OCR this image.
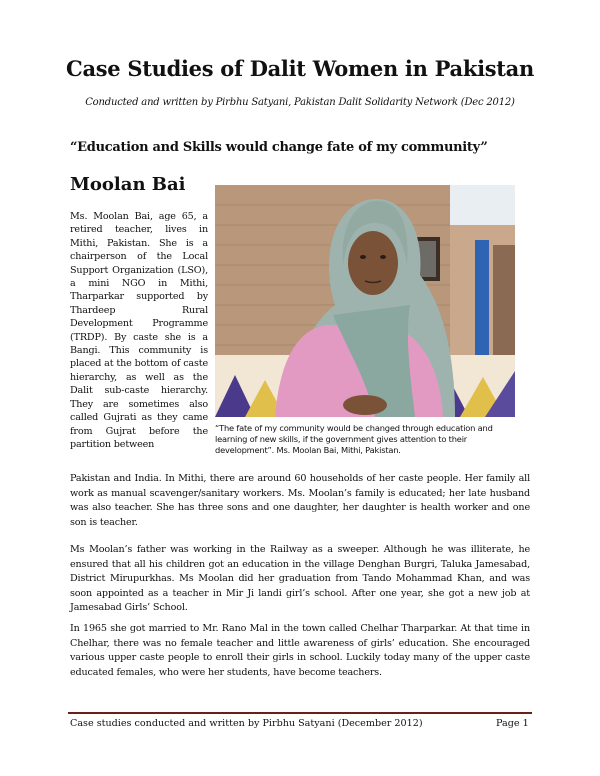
Case Studies of Dalit Women in Pakistan
Conducted and written by Pirbhu Satyani, Pakistan Dalit Solidarity Network (Dec 2012)
“Education and Skills would change fate of my community”
Moolan Bai

Ms. Moolan Bai, age 65, a retired teacher, lives in Mithi, Pakistan. She is a chairperson of the Local Support Organization (LSO), a mini NGO in Mithi, Tharparkar supported by Thardeep Rural Development Programme (TRDP). By caste she is a Bangi. This community is placed at the bottom of caste hierarchy, as well as the Dalit sub-caste hierarchy. They are sometimes also called Gujrati as they came from Gujrat before the partition between

“The fate of my community would be changed through education and learning of new skills, if the government gives attention to their development”. Ms. Moolan Bai, Mithi, Pakistan.

Pakistan and India. In Mithi, there are around 60 households of her caste people. Her family all work as manual scavenger/sanitary workers. Ms. Moolan’s family is educated; her late husband was also teacher. She has three sons and one daughter, her daughter is health worker and one son is teacher.

Ms Moolan’s father was working in the Railway as a sweeper. Although he was illiterate, he ensured that all his children got an education in the village Denghan Burgri, Taluka Jamesabad, District Mirupurkhas. Ms Moolan did her graduation from Tando Mohammad Khan, and was soon appointed as a teacher in Mir Ji landi girl’s school. After one year, she got a new job at Jamesabad Girls’ School.

In 1965 she got married to Mr. Rano Mal in the town called Chelhar Tharparkar. At that time in Chelhar, there was no female teacher and little awareness of girls’ education. She encouraged various upper caste people to enroll their girls in school. Luckily today many of the upper caste educated females, who were her students, have become teachers.

Case studies conducted and written by Pirbhu Satyani (December 2012)	Page 1
